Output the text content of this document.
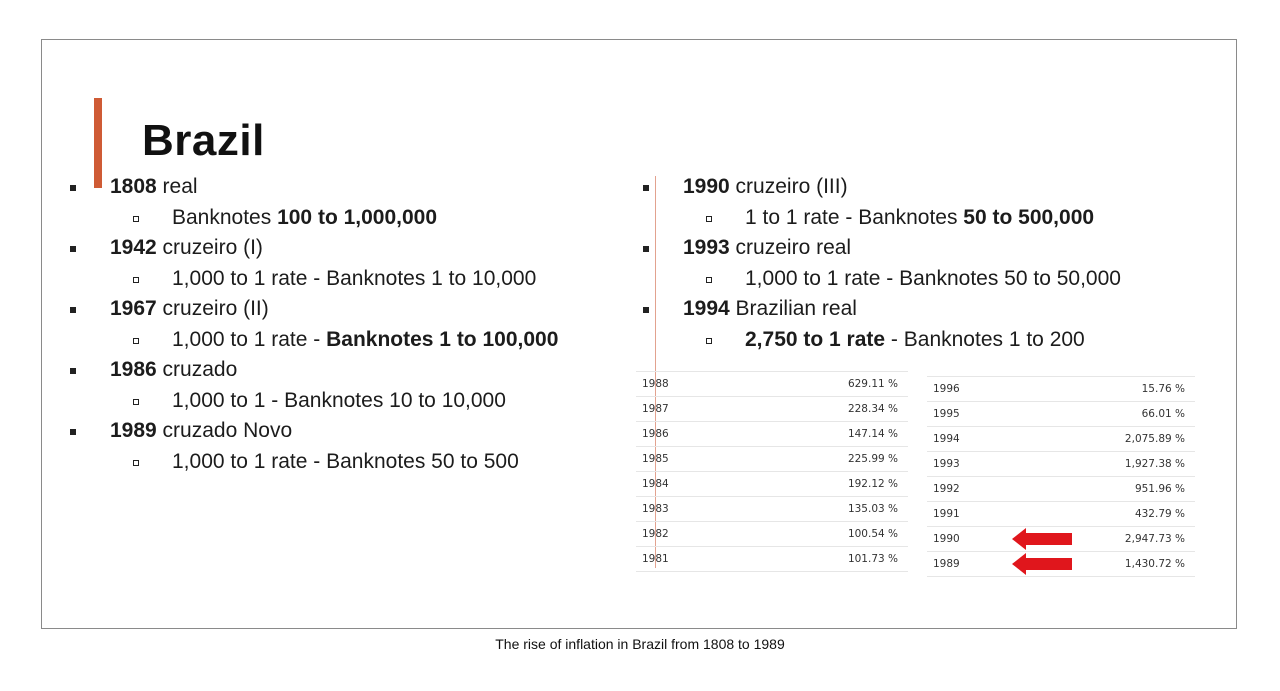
Brazil
1808 real
Banknotes 100 to 1,000,000
1942 cruzeiro (I)
1,000 to 1 rate - Banknotes 1 to 10,000
1967 cruzeiro (II)
1,000 to 1 rate - Banknotes 1 to 100,000
1986 cruzado
1,000 to 1 - Banknotes 10 to 10,000
1989 cruzado Novo
1,000 to 1 rate - Banknotes 50 to 500
1990 cruzeiro (III)
1 to 1 rate - Banknotes 50 to 500,000
1993 cruzeiro real
1,000 to 1 rate - Banknotes 50 to 50,000
1994 Brazilian real
2,750 to 1 rate - Banknotes 1 to 200
1988	629.11 %
1987	228.34 %
1986	147.14 %
1985	225.99 %
1984	192.12 %
1983	135.03 %
1982	100.54 %
1981	101.73 %
1996	15.76 %
1995	66.01 %
1994	2,075.89 %
1993	1,927.38 %
1992	951.96 %
1991	432.79 %
1990	2,947.73 %
1989	1,430.72 %
The rise of inflation in Brazil from 1808 to 1989
